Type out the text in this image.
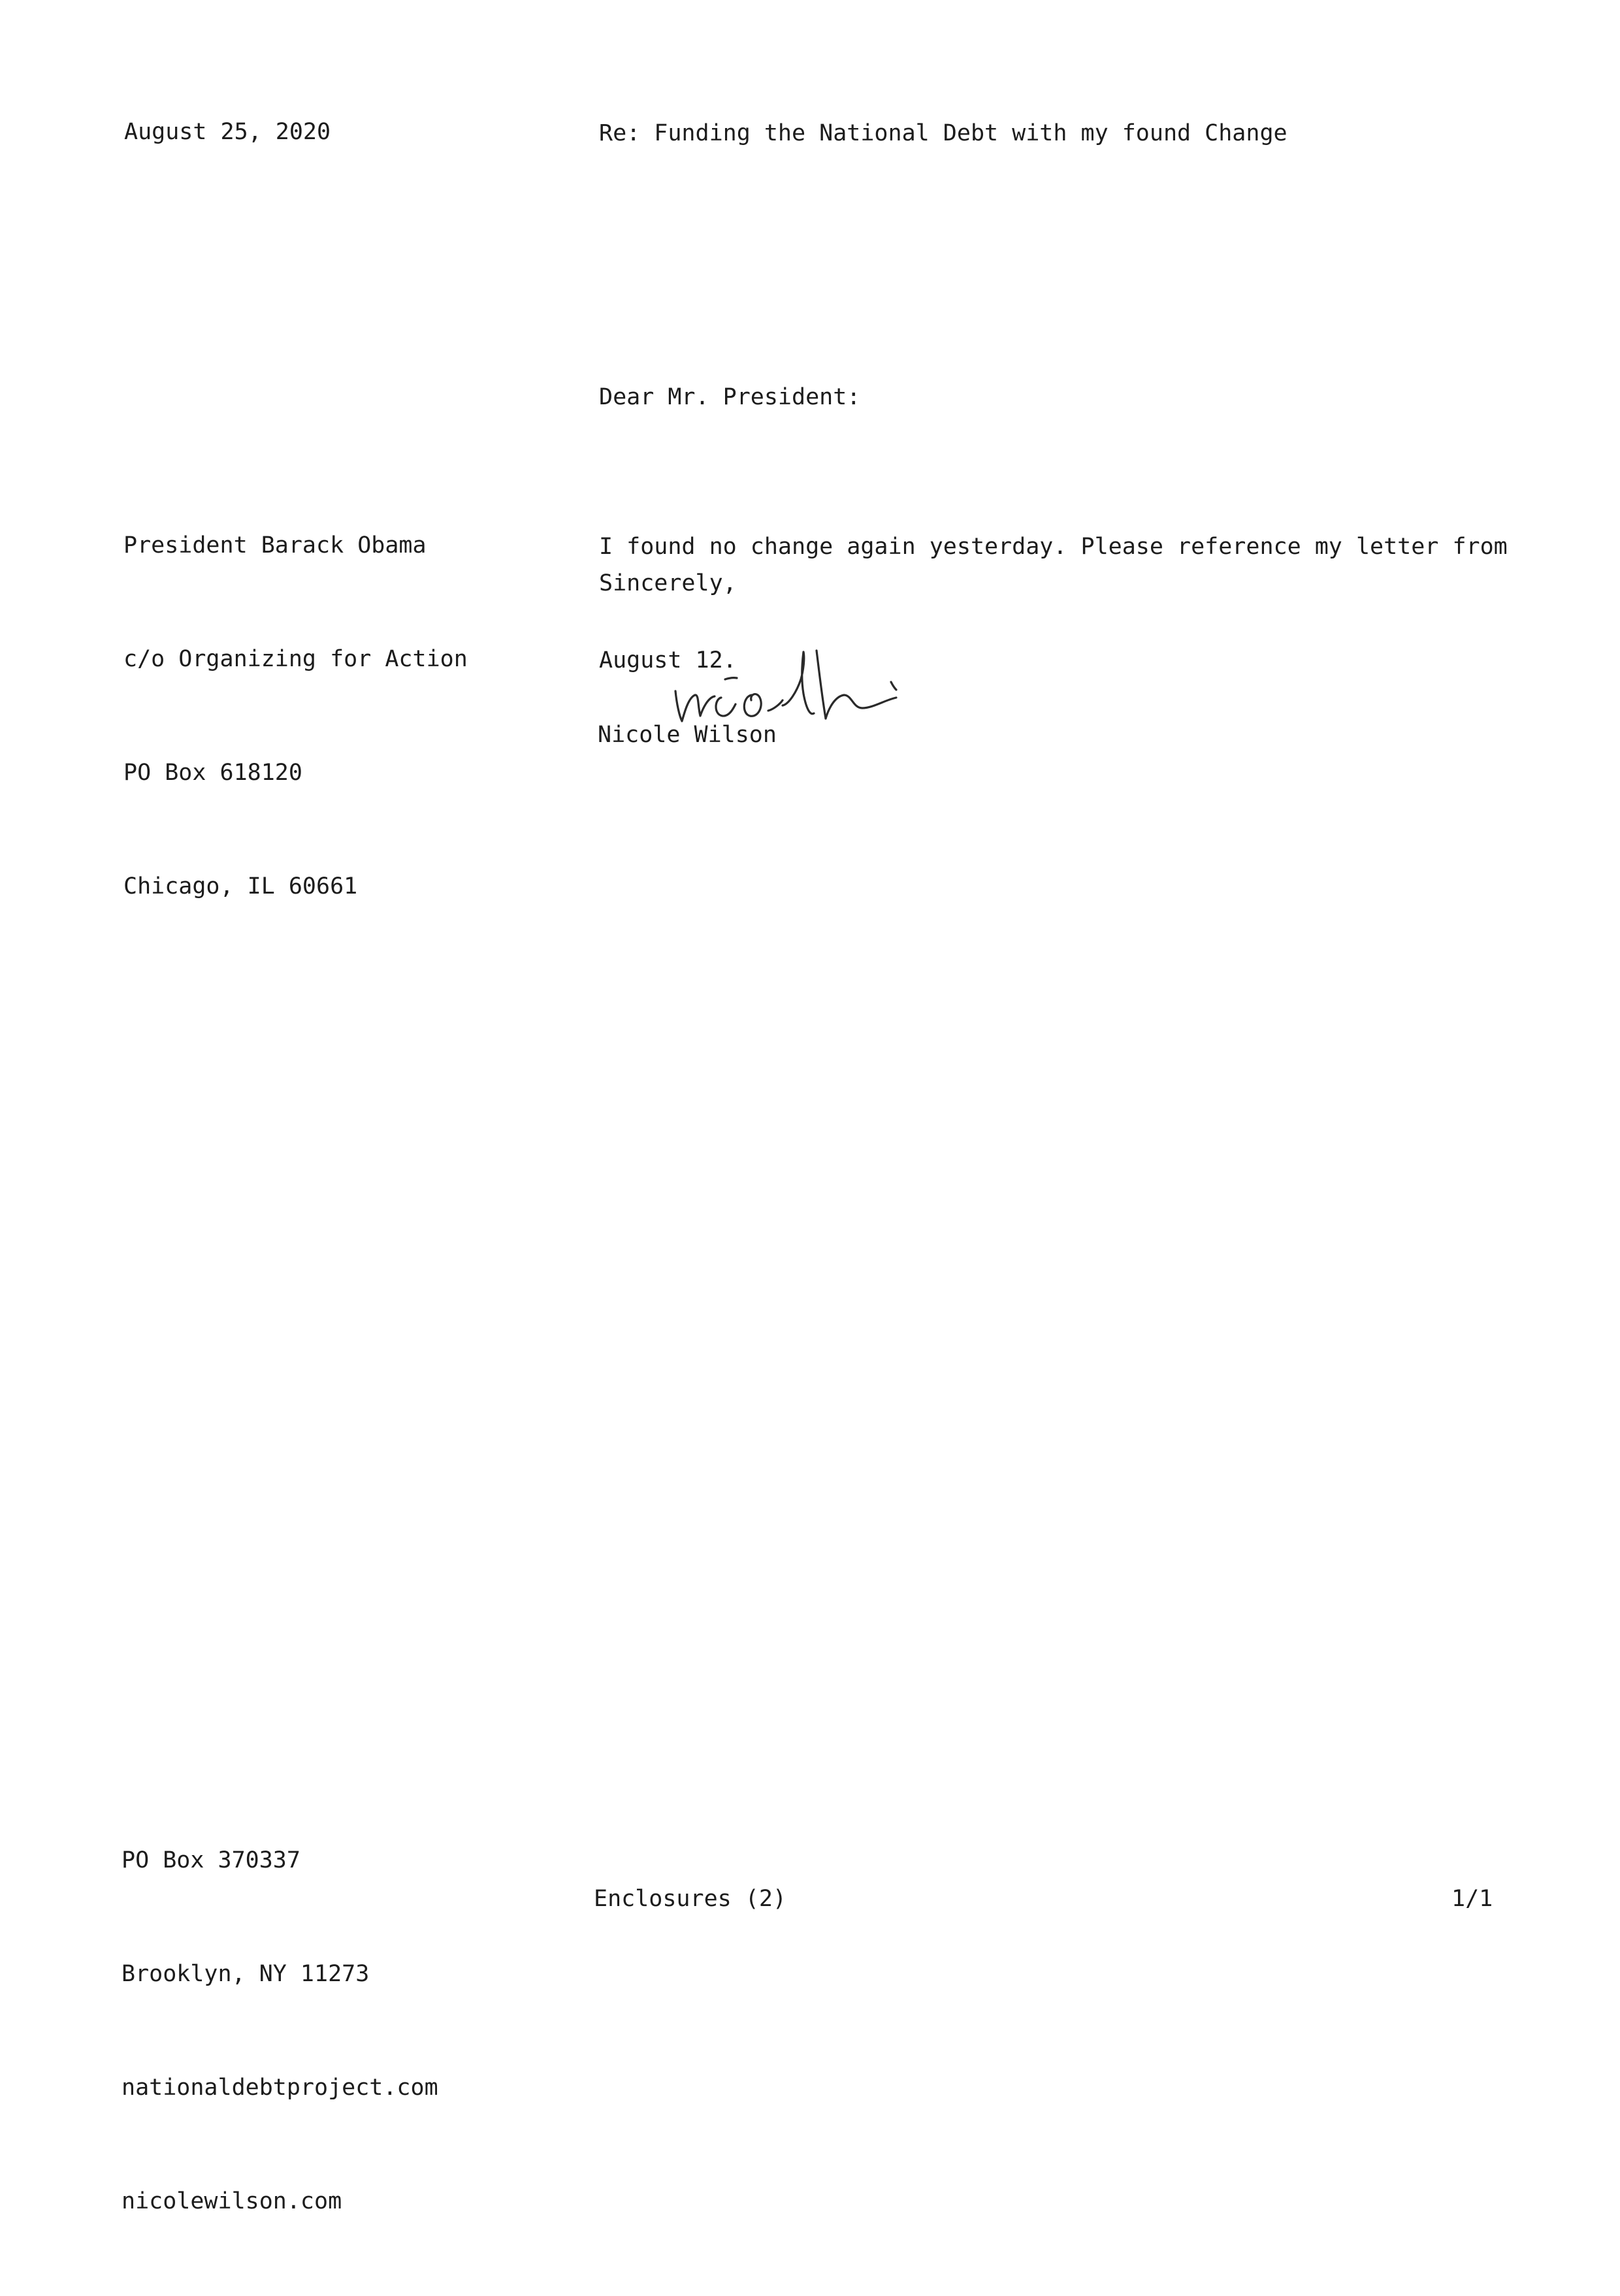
August 25, 2020	Re: Funding the National Debt with my found Change
Dear Mr. President:

President Barack Obama

c/o Organizing for Action

PO Box 618120

Chicago, IL 60661

I found no change again yesterday. Please reference my letter from

August 12.

Sincerely,

Nicole Wilson

PO Box 370337

Brooklyn, NY 11273

nationaldebtproject.com

nicolewilson.com

Enclosures (2)	1/1
